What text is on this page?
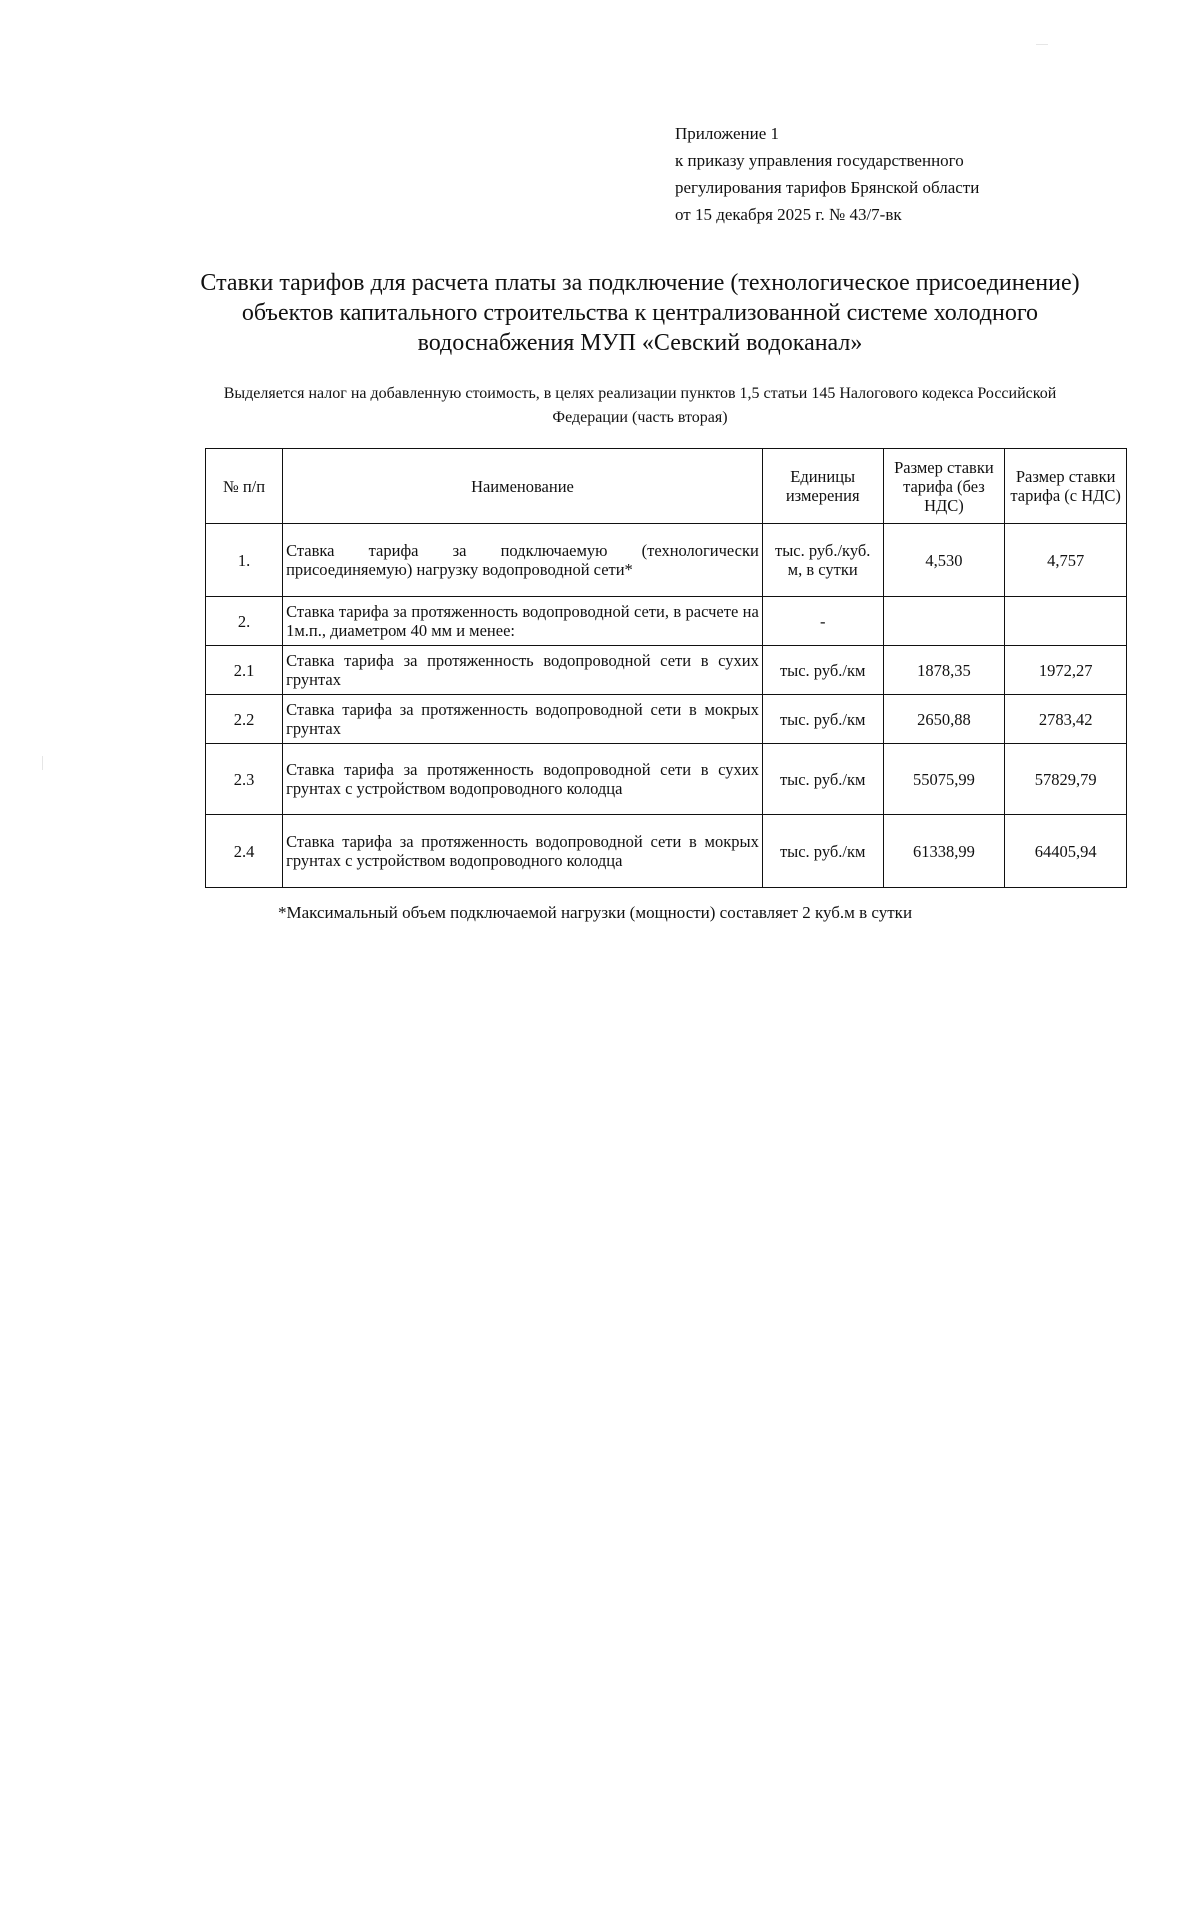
Приложение 1
к приказу управления государственного
регулирования тарифов Брянской области
от 15 декабря 2025 г. № 43/7-вк
Ставки тарифов для расчета платы за подключение (технологическое присоединение) объектов капитального строительства к централизованной системе холодного водоснабжения МУП «Севский водоканал»
Выделяется налог на добавленную стоимость, в целях реализации пунктов 1,5 статьи 145 Налогового кодекса Российской Федерации (часть вторая)
№ п/п	Наименование	Единицы измерения	Размер ставки тарифа (без НДС)	Размер ставки тарифа (с НДС)
1.	Ставка тарифа за подключаемую (технологически присоединяемую) нагрузку водопроводной сети*	тыс. руб./куб. м, в сутки	4,530	4,757
2.	Ставка тарифа за протяженность водопроводной сети, в расчете на 1м.п., диаметром 40 мм и менее:	-		
2.1	Ставка тарифа за протяженность водопроводной сети в сухих грунтах	тыс. руб./км	1878,35	1972,27
2.2	Ставка тарифа за протяженность водопроводной сети в мокрых грунтах	тыс. руб./км	2650,88	2783,42
2.3	Ставка тарифа за протяженность водопроводной сети в сухих грунтах с устройством водопроводного колодца	тыс. руб./км	55075,99	57829,79
2.4	Ставка тарифа за протяженность водопроводной сети в мокрых грунтах с устройством водопроводного колодца	тыс. руб./км	61338,99	64405,94
*Максимальный объем подключаемой нагрузки (мощности) составляет 2 куб.м в сутки
